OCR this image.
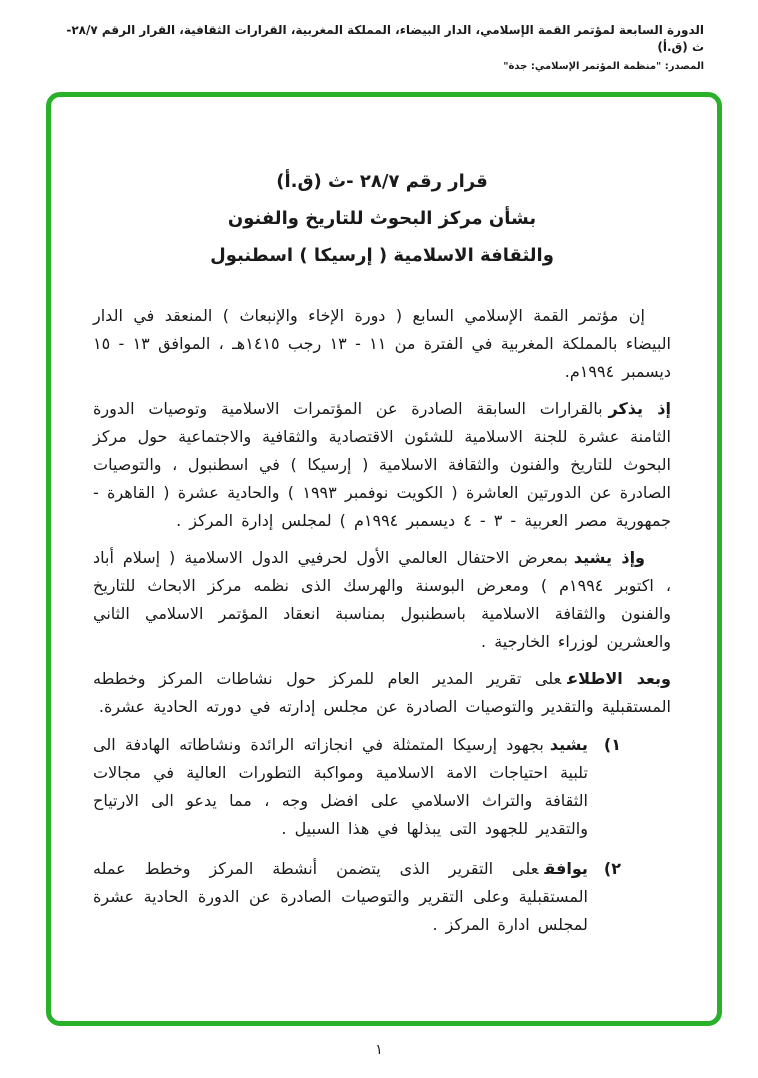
الدورة السابعة لمؤتمر القمة الإسلامي، الدار البيضاء، المملكة المغربية، القرارات الثقافية، القرار الرقم ٢٨/٧-ث (ق.أ)
المصدر: "منظمة المؤتمر الإسلامي: جدة"
قرار رقم ٢٨/٧ -ث (ق.أ)
بشأن مركز البحوث للتاريخ والفنون
والثقافة الاسلامية ( إرسيكا ) اسطنبول

إن مؤتمر القمة الإسلامي السابع ( دورة الإخاء والإنبعاث ) المنعقد في الدار البيضاء بالمملكة المغربية في الفترة من ١١ - ١٣ رجب ١٤١٥هـ ، الموافق ١٣ - ١٥ ديسمبر ١٩٩٤م.

إذ يذكربالقرارات السابقة الصادرة عن المؤتمرات الاسلامية وتوصيات الدورة الثامنة عشرة للجنة الاسلامية للشئون الاقتصادية والثقافية والاجتماعية حول مركز البحوث للتاريخ والفنون والثقافة الاسلامية ( إرسيكا ) في اسطنبول ، والتوصيات الصادرة عن الدورتين العاشرة ( الكويت نوفمبر ١٩٩٣ ) والحادية عشرة ( القاهرة - جمهورية مصر العربية - ٣ - ٤ ديسمبر ١٩٩٤م ) لمجلس إدارة المركز .

وإذ يشيدبمعرض الاحتفال العالمي الأول لحرفيي الدول الاسلامية ( إسلام أباد ، اكتوبر ١٩٩٤م ) ومعرض البوسنة والهرسك الذى نظمه مركز الابحاث للتاريخ والفنون والثقافة الاسلامية باسطنبول بمناسبة انعقاد المؤتمر الاسلامي الثاني والعشرين لوزراء الخارجية .

وبعد الاطلاععلى تقرير المدير العام للمركز حول نشاطات المركز وخططه المستقبلية والتقدير والتوصيات الصادرة عن مجلس إدارته في دورته الحادية عشرة.

١)

يشيدبجهود إرسيكا المتمثلة في انجازاته الرائدة ونشاطاته الهادفة الى تلبية احتياجات الامة الاسلامية ومواكبة التطورات العالية في مجالات الثقافة والتراث الاسلامي على افضل وجه ، مما يدعو الى الارتياح والتقدير للجهود التى يبذلها في هذا السبيل .

٢)

يوافقعلى التقرير الذى يتضمن أنشطة المركز وخطط عمله المستقبلية وعلى التقرير والتوصيات الصادرة عن الدورة الحادية عشرة لمجلس ادارة المركز .

١
